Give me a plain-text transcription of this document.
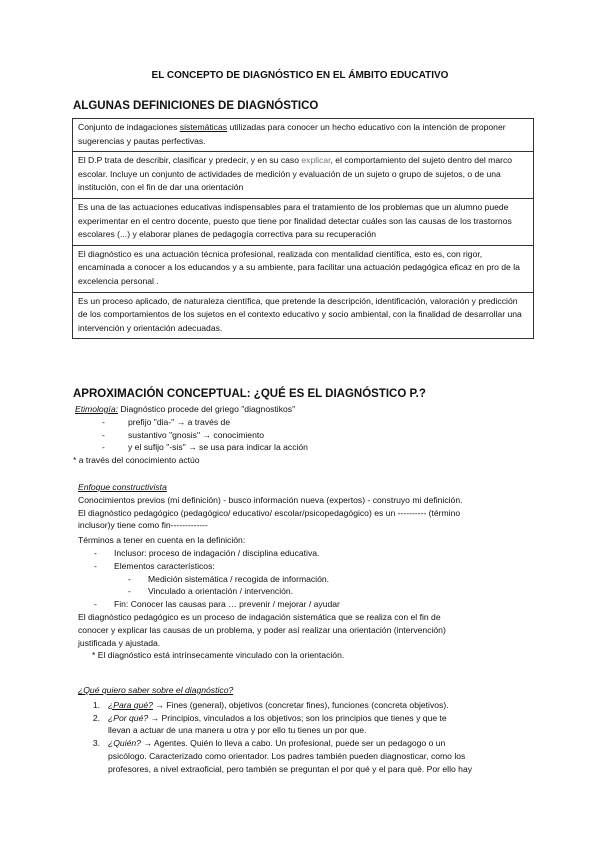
EL CONCEPTO DE DIAGNÓSTICO EN EL ÁMBITO EDUCATIVO
ALGUNAS DEFINICIONES DE DIAGNÓSTICO
Conjunto de indagaciones sistemáticas utilizadas para conocer un hecho educativo con la intención de proponer sugerencias y pautas perfectivas.
El D.P trata de describir, clasificar y predecir, y en su caso explicar, el comportamiento del sujeto dentro del marco escolar. Incluye un conjunto de actividades de medición y evaluación de un sujeto o grupo de sujetos, o de una institución, con el fin de dar una orientación
Es una de las actuaciones educativas indispensables para el tratamiento de los problemas que un alumno puede experimentar en el centro docente, puesto que tiene por finalidad detectar cuáles son las causas de los trastornos escolares (...) y elaborar planes de pedagogía correctiva para su recuperación
El diagnóstico es una actuación técnica profesional, realizada con mentalidad científica, esto es, con rigor, encaminada a conocer a los educandos y a su ambiente, para facilitar una actuación pedagógica eficaz en pro de la excelencia personal .
Es un proceso aplicado, de naturaleza científica, que pretende la descripción, identificación, valoración y predicción de los comportamientos de los sujetos en el contexto educativo y socio ambiental, con la finalidad de desarrollar una intervención y orientación adecuadas.
APROXIMACIÓN CONCEPTUAL: ¿QUÉ ES EL DIAGNÓSTICO P.?
Etimología: Diagnóstico procede del griego "diagnostikos"
-	prefijo "dia-" → a través de
-	sustantivo "gnosis" → conocimiento
-	y el sufijo "-sis" → se usa para indicar la acción
* a través del conocimiento actúo
Enfoque constructivista
Conocimientos previos (mi definición) - busco información nueva (expertos) - construyo mi definición.
El diagnóstico pedagógico (pedagógico/ educativo/ escolar/psicopedagógico) es un ---------- (término
inclusor)y tiene como fin-------------
Términos a tener en cuenta en la definición:
- Inclusor: proceso de indagación / disciplina educativa.
- Elementos característicos:
- Medición sistemática / recogida de información.
- Vinculado a orientación / intervención.
- Fin: Conocer las causas para … prevenir / mejorar / ayudar
El diagnóstico pedagógico es un proceso de indagación sistemática que se realiza con el fin de
conocer y explicar las causas de un problema, y poder así realizar una orientación (intervención)
justificada y ajustada.
* El diagnóstico está intrínsecamente vinculado con la orientación.
¿Qué quiero saber sobre el diagnóstico?
1. ¿Para qué? → Fines (general), objetivos (concretar fines), funciones (concreta objetivos).
2. ¿Por qué? → Principios, vinculados a los objetivos; son los principios que tienes y que te
llevan a actuar de una manera u otra y por ello tu tienes un por que.
3. ¿Quién? → Agentes. Quién lo lleva a cabo. Un profesional, puede ser un pedagogo o un
psicólogo. Caracterizado como orientador. Los padres también pueden diagnosticar, como los
profesores, a nivel extraoficial, pero también se preguntan el por qué y el para qué. Por ello hay
